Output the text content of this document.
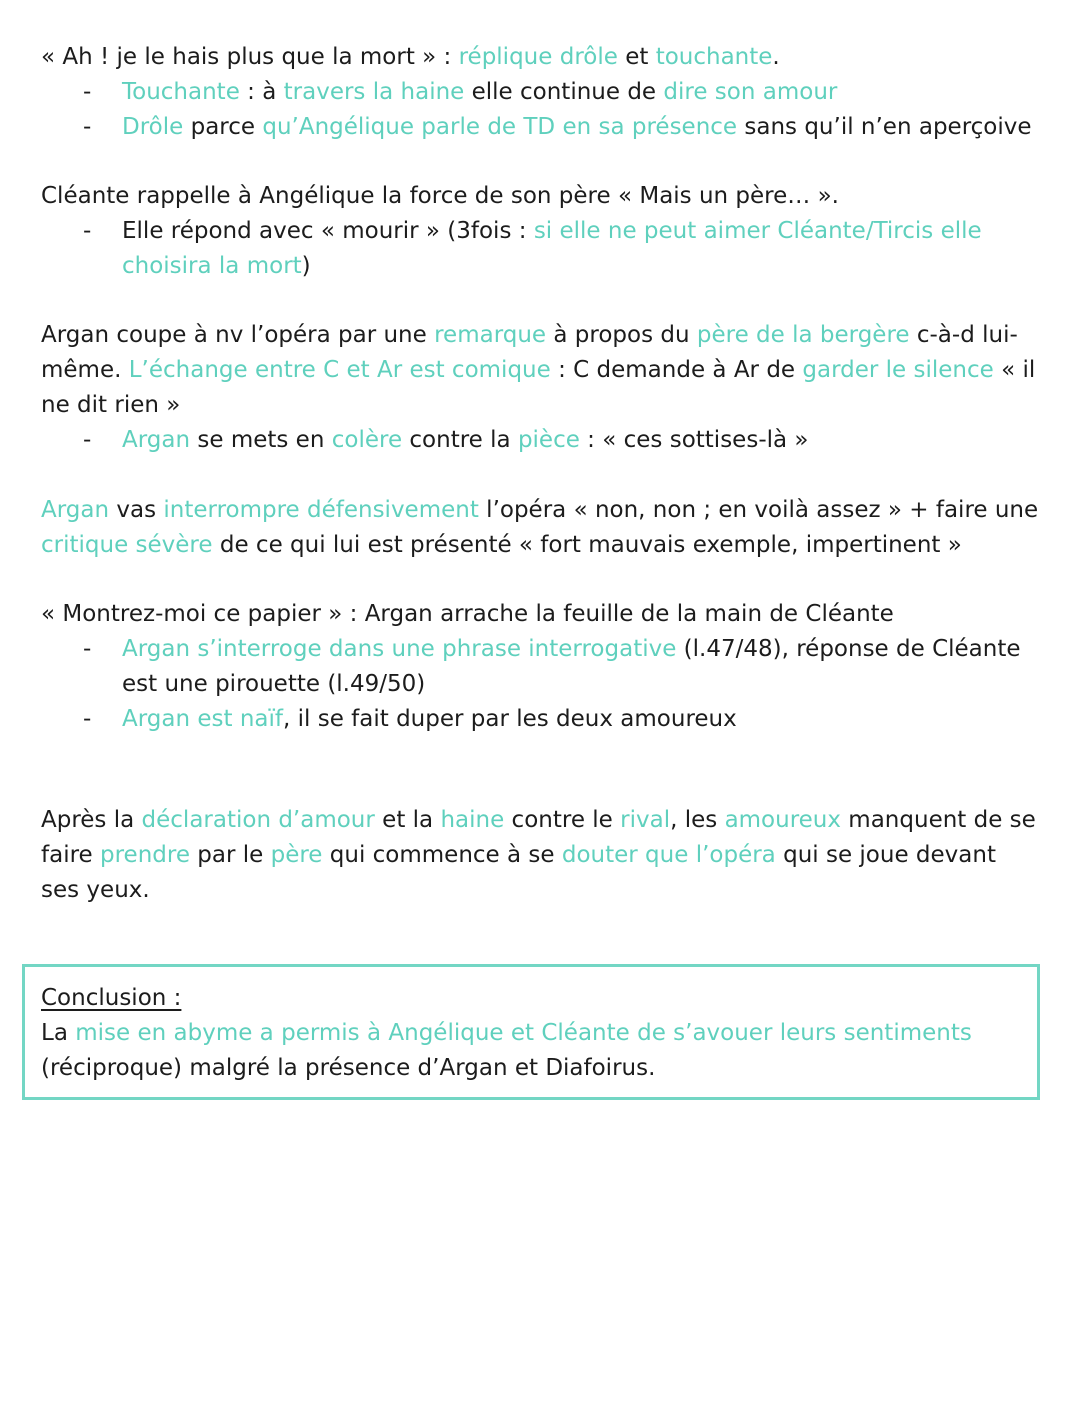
« Ah ! je le hais plus que la mort » : réplique drôle et touchante.
- Touchante : à travers la haine elle continue de dire son amour
- Drôle parce qu’Angélique parle de TD en sa présence sans qu’il n’en aperçoive
Cléante rappelle à Angélique la force de son père « Mais un père… ».
- Elle répond avec « mourir » (3fois : si elle ne peut aimer Cléante/Tircis elle choisira la mort)
Argan coupe à nv l’opéra par une remarque à propos du père de la bergère c-à-d lui-même. L’échange entre C et Ar est comique : C demande à Ar de garder le silence « il ne dit rien »
- Argan se mets en colère contre la pièce : « ces sottises-là »
Argan vas interrompre défensivement l’opéra « non, non ; en voilà assez » + faire une critique sévère de ce qui lui est présenté « fort mauvais exemple, impertinent »
« Montrez-moi ce papier » : Argan arrache la feuille de la main de Cléante
- Argan s’interroge dans une phrase interrogative (l.47/48), réponse de Cléante est une pirouette (l.49/50)
- Argan est naïf, il se fait duper par les deux amoureux
Après la déclaration d’amour et la haine contre le rival, les amoureux manquent de se faire prendre par le père qui commence à se douter que l’opéra qui se joue devant ses yeux.
Conclusion :
La mise en abyme a permis à Angélique et Cléante de s’avouer leurs sentiments (réciproque) malgré la présence d’Argan et Diafoirus.
